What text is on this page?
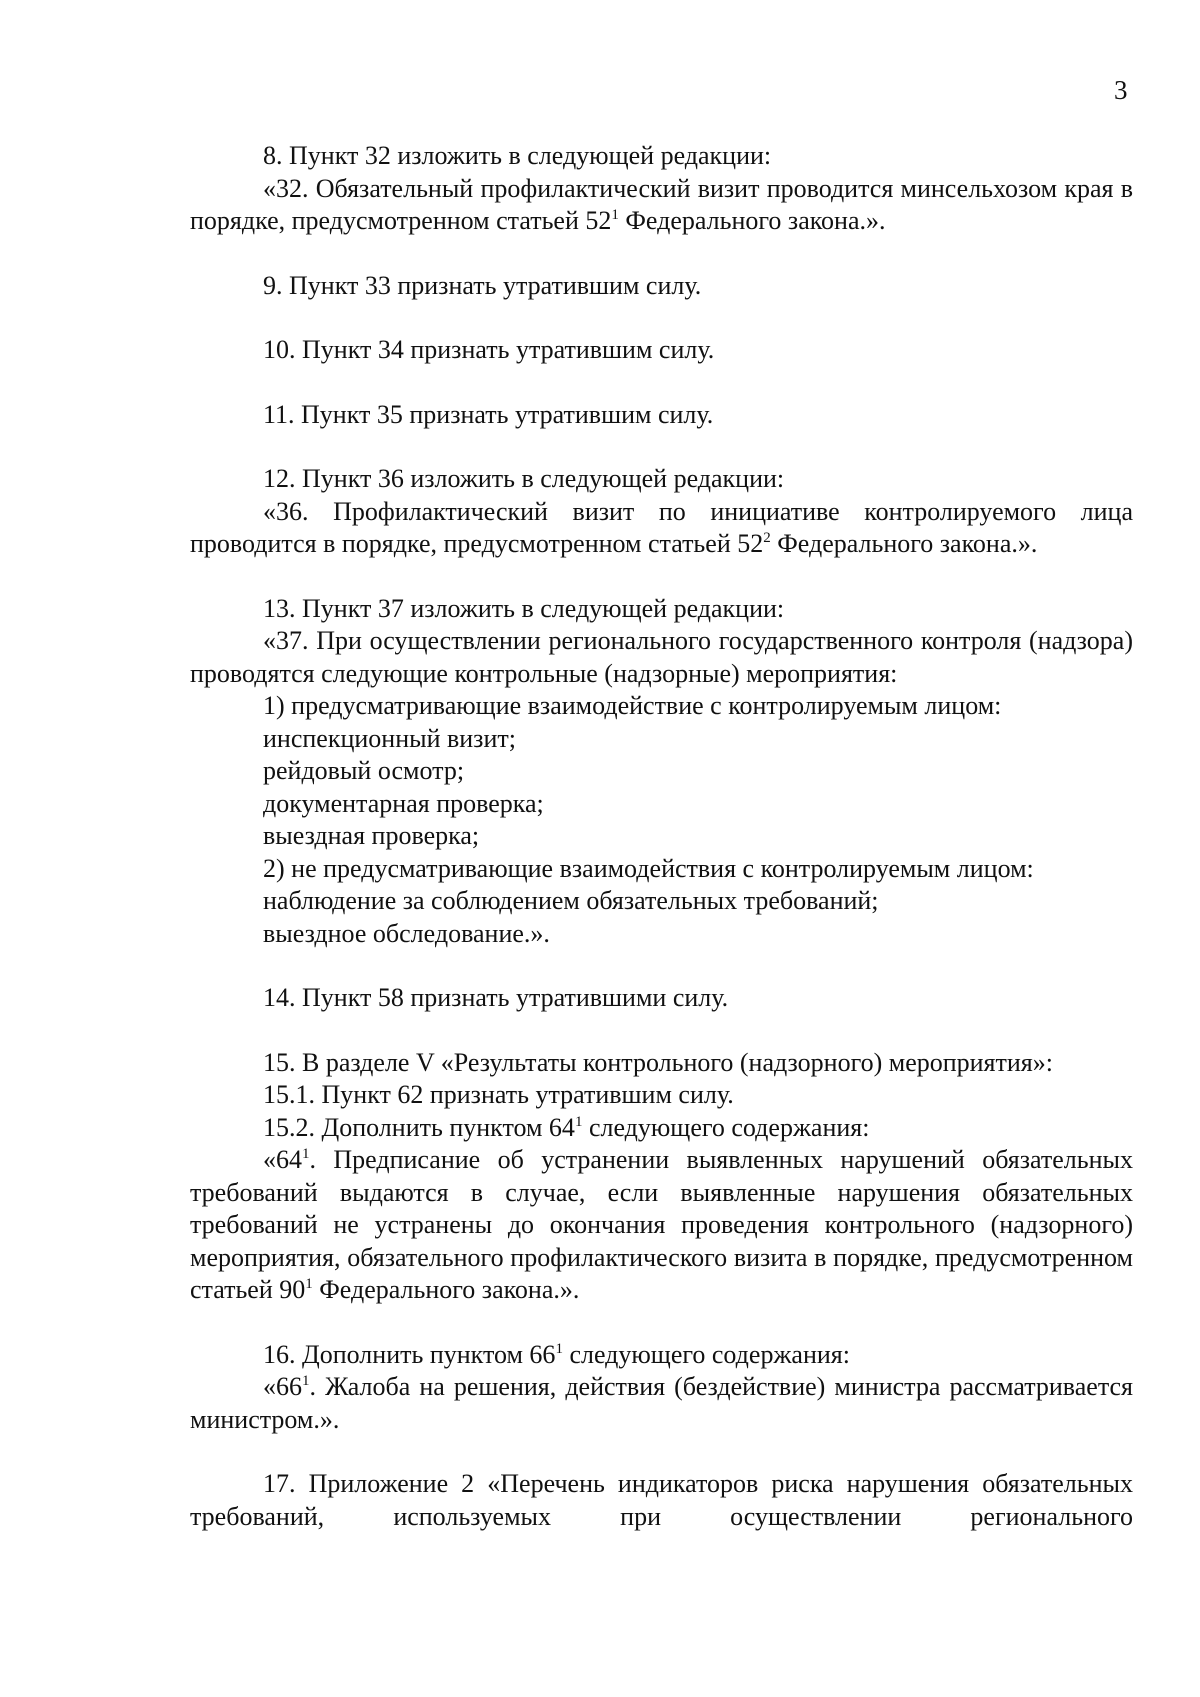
3

8. Пункт 32 изложить в следующей редакции:

«32. Обязательный профилактический визит проводится минсельхозом края в порядке, предусмотренном статьей $52^1$ Федерального закона.».

9. Пункт 33 признать утратившим силу.

10. Пункт 34 признать утратившим силу.

11. Пункт 35 признать утратившим силу.

12. Пункт 36 изложить в следующей редакции:

«36. Профилактический визит по инициативе контролируемого лица проводится в порядке, предусмотренном статьей $52^2$ Федерального закона.».

13. Пункт 37 изложить в следующей редакции:

«37. При осуществлении регионального государственного контроля (надзора) проводятся следующие контрольные (надзорные) мероприятия:

1) предусматривающие взаимодействие с контролируемым лицом:

инспекционный визит;

рейдовый осмотр;

документарная проверка;

выездная проверка;

2) не предусматривающие взаимодействия с контролируемым лицом:

наблюдение за соблюдением обязательных требований;

выездное обследование.».

14. Пункт 58 признать утратившими силу.

15. В разделе V «Результаты контрольного (надзорного) мероприятия»:

15.1. Пункт 62 признать утратившим силу.

15.2. Дополнить пунктом $64^1$ следующего содержания:

«$64^1$. Предписание об устранении выявленных нарушений обязательных требований выдаются в случае, если выявленные нарушения обязательных требований не устранены до окончания проведения контрольного (надзорного) мероприятия, обязательного профилактического визита в порядке, предусмотренном статьей $90^1$ Федерального закона.».

16. Дополнить пунктом $66^1$ следующего содержания:

«$66^1$. Жалоба на решения, действия (бездействие) министра рассматривается министром.».

17. Приложение 2 «Перечень индикаторов риска нарушения обязательных требований, используемых при осуществлении регионального
